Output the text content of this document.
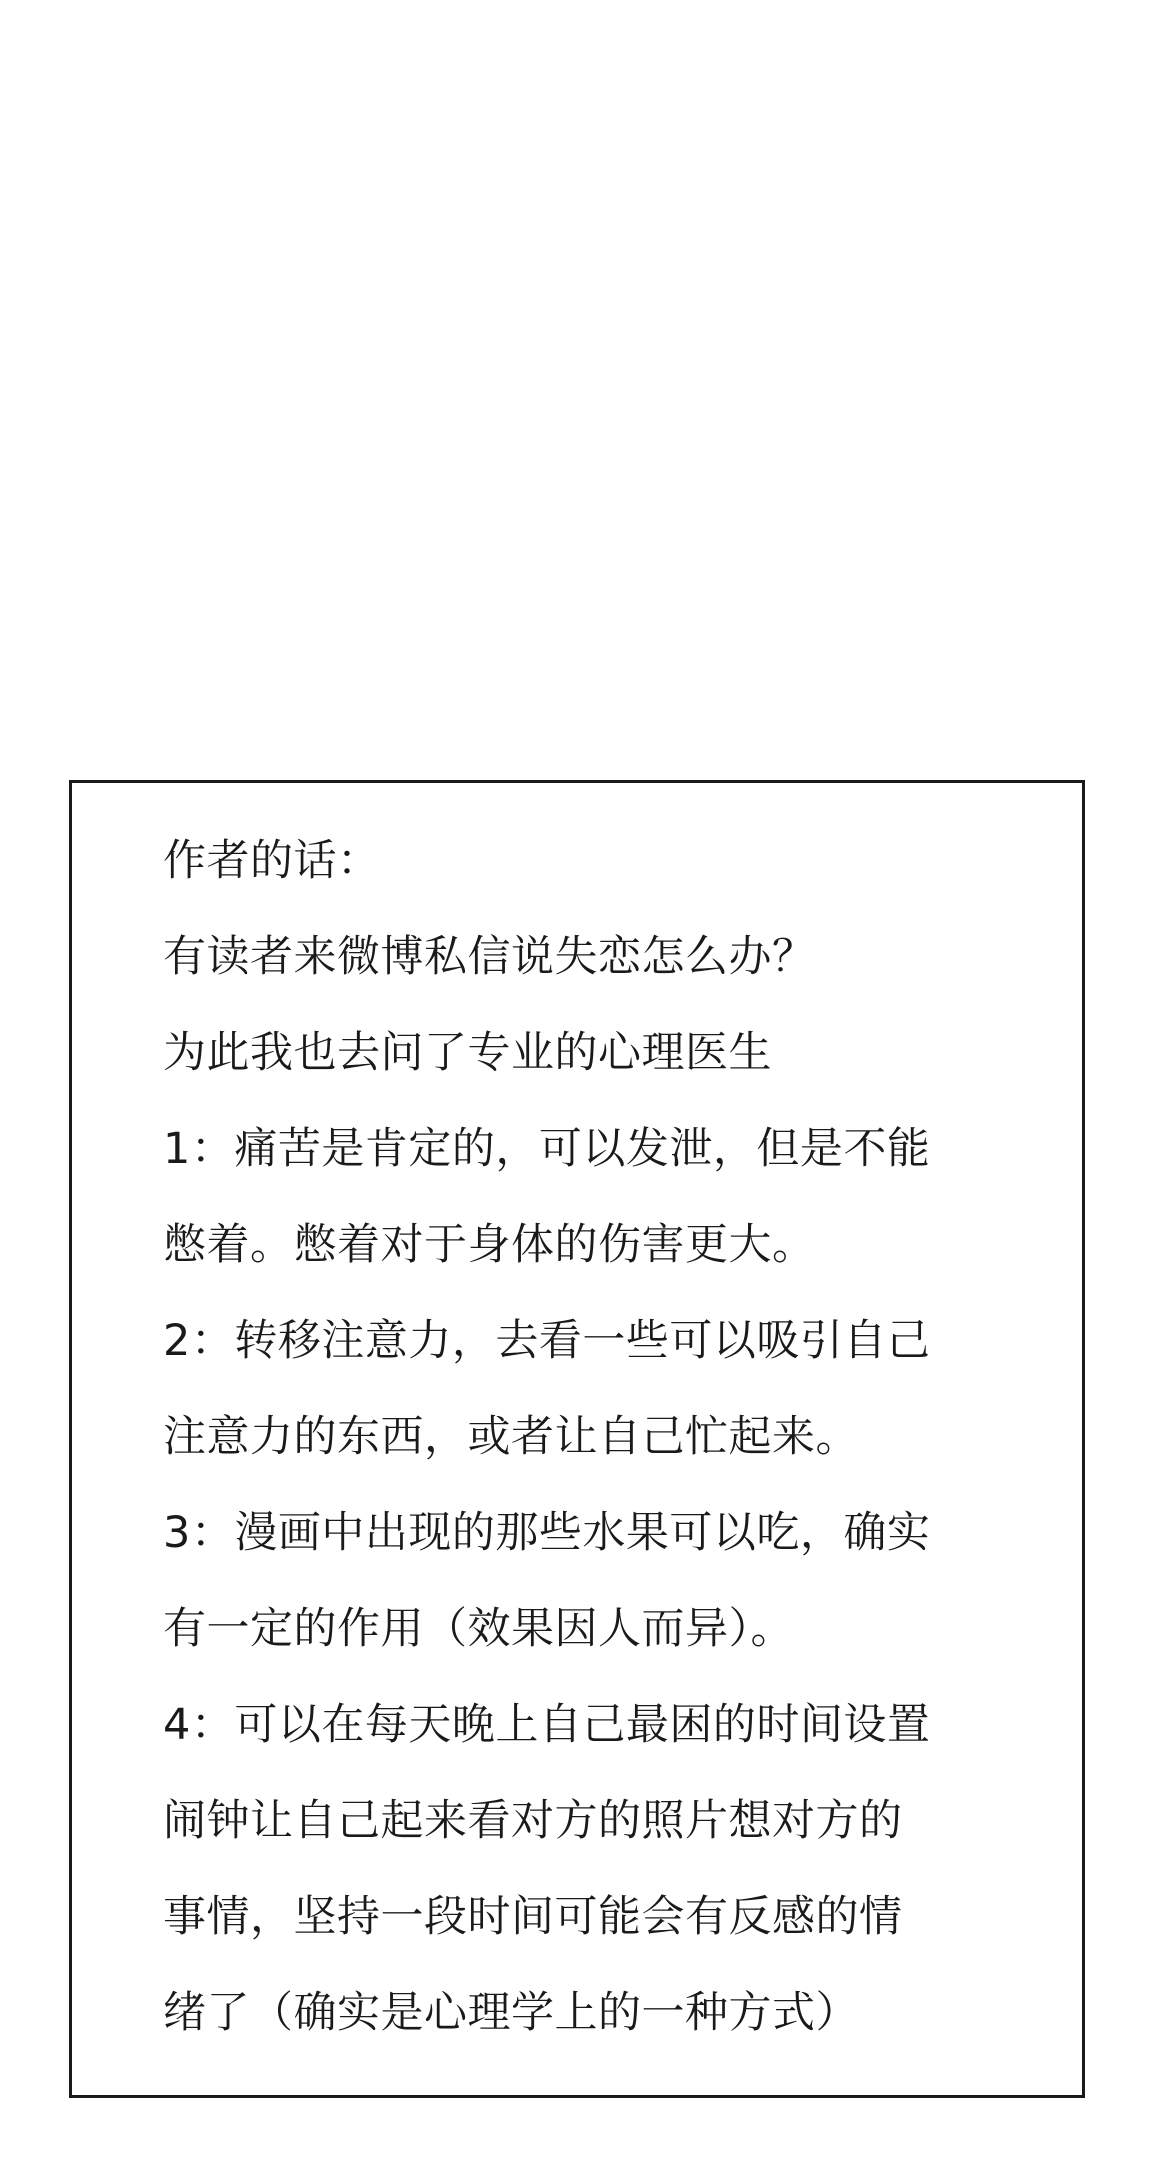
作者的话：
有读者来微博私信说失恋怎么办？
为此我也去问了专业的心理医生
1：痛苦是肯定的，可以发泄，但是不能
憋着。憋着对于身体的伤害更大。
2：转移注意力，去看一些可以吸引自己
注意力的东西，或者让自己忙起来。
3：漫画中出现的那些水果可以吃，确实
有一定的作用（效果因人而异）。
4：可以在每天晚上自己最困的时间设置
闹钟让自己起来看对方的照片想对方的
事情，坚持一段时间可能会有反感的情
绪了（确实是心理学上的一种方式）
